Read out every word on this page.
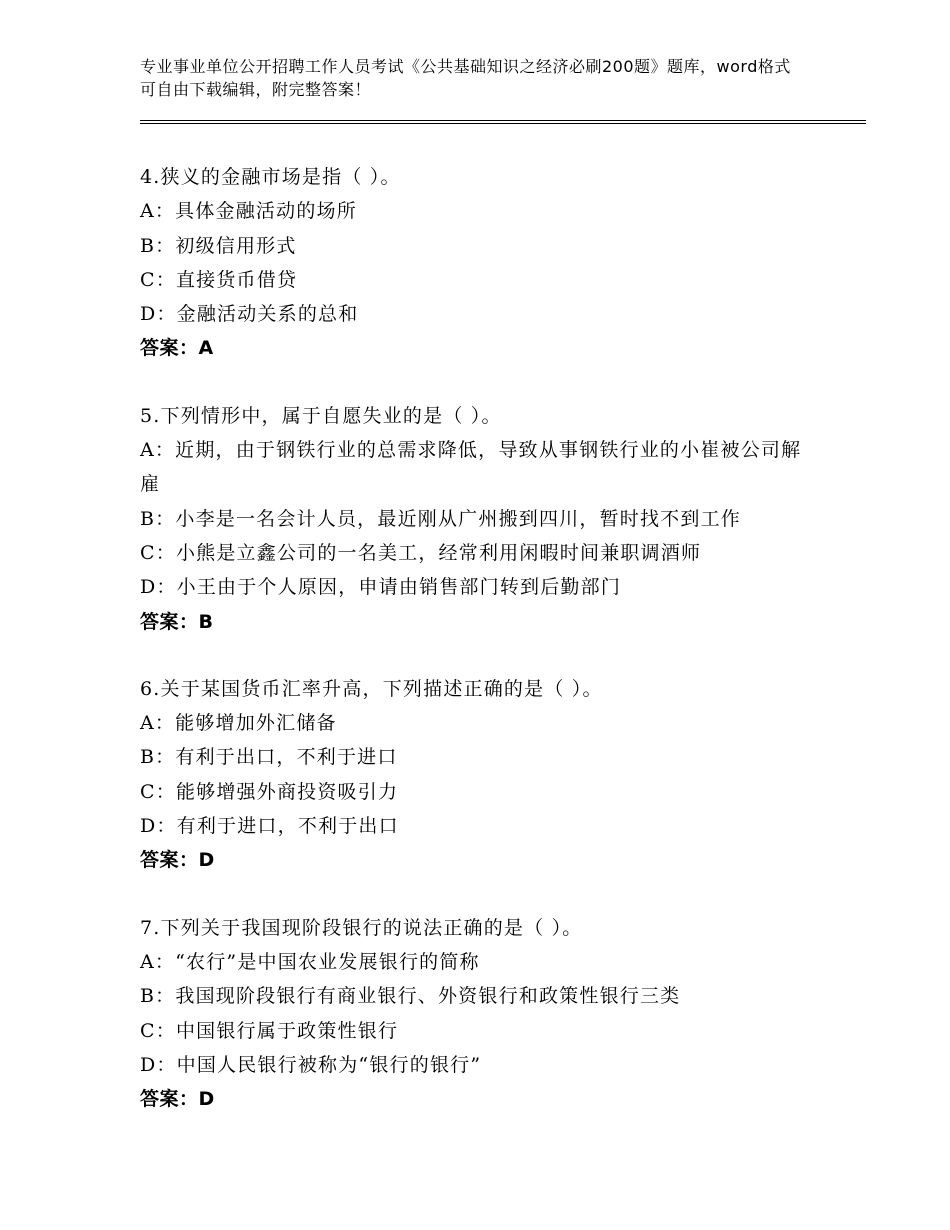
专业事业单位公开招聘工作人员考试《公共基础知识之经济必刷200题》题库，word格式可自由下载编辑，附完整答案！
4.狭义的金融市场是指（ ）。
A：具体金融活动的场所
B：初级信用形式
C：直接货币借贷
D：金融活动关系的总和
答案：A
5.下列情形中，属于自愿失业的是（ ）。
A：近期，由于钢铁行业的总需求降低，导致从事钢铁行业的小崔被公司解雇
B：小李是一名会计人员，最近刚从广州搬到四川，暂时找不到工作
C：小熊是立鑫公司的一名美工，经常利用闲暇时间兼职调酒师
D：小王由于个人原因，申请由销售部门转到后勤部门
答案：B
6.关于某国货币汇率升高，下列描述正确的是（ ）。
A：能够增加外汇储备
B：有利于出口，不利于进口
C：能够增强外商投资吸引力
D：有利于进口，不利于出口
答案：D
7.下列关于我国现阶段银行的说法正确的是（ ）。
A：“农行”是中国农业发展银行的简称
B：我国现阶段银行有商业银行、外资银行和政策性银行三类
C：中国银行属于政策性银行
D：中国人民银行被称为“银行的银行”
答案：D
